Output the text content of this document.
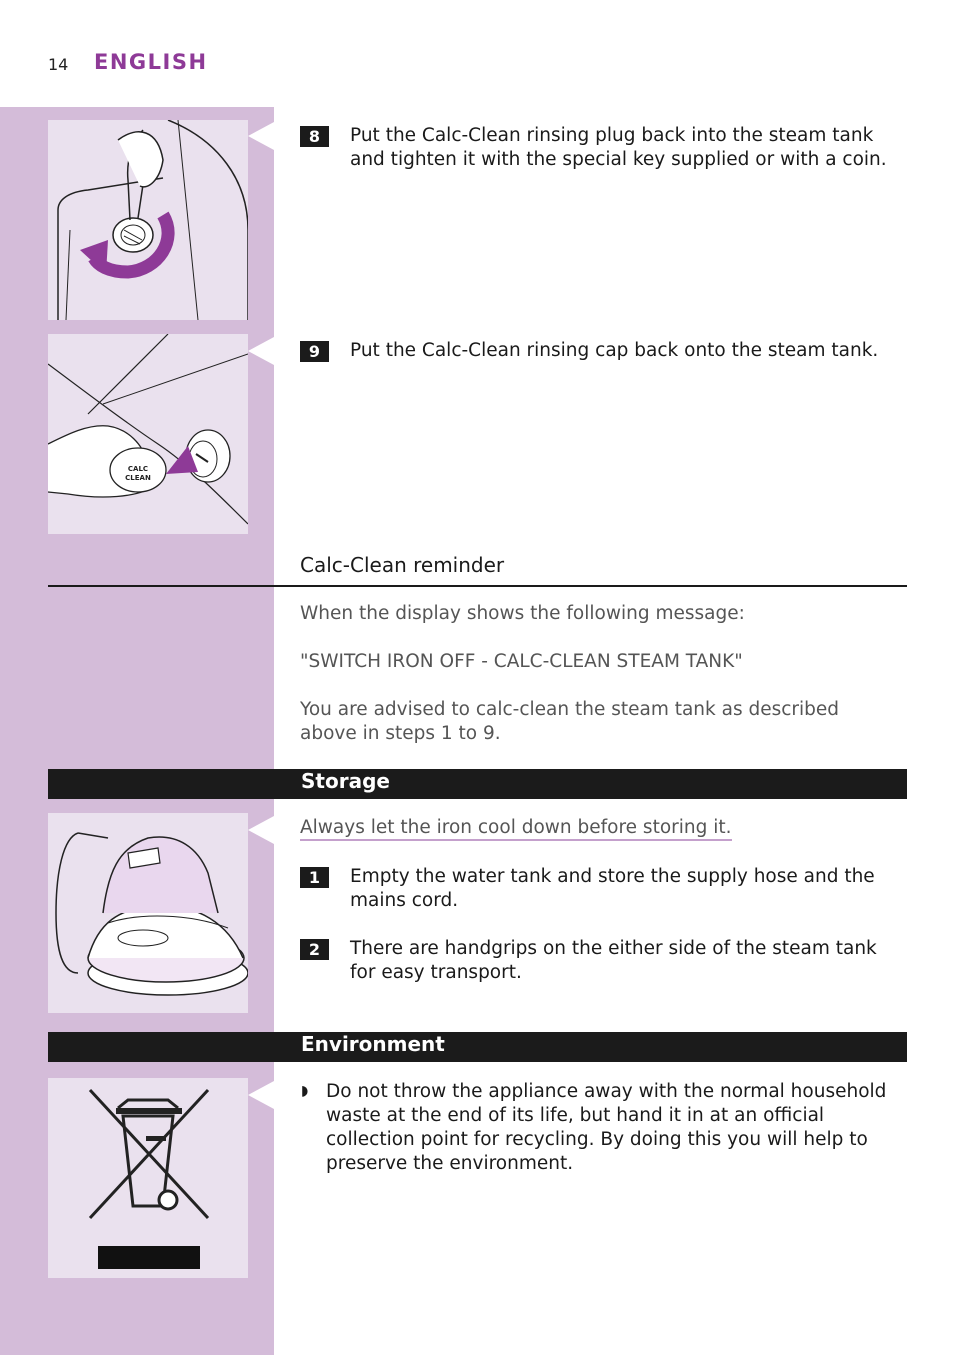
14 ENGLISH
CALC
CLEAN
8	Put the Calc-Clean rinsing plug back into the steam tank and tighten it with the special key supplied or with a coin.
9	Put the Calc-Clean rinsing cap back onto the steam tank.
Calc-Clean reminder
When the display shows the following message:
"SWITCH IRON OFF - CALC-CLEAN STEAM TANK"
You are advised to calc-clean the steam tank as described above in steps 1 to 9.
Storage
Always let the iron cool down before storing it.
1	Empty the water tank and store the supply hose and the mains cord.
2	There are handgrips on the either side of the steam tank for easy transport.
Environment
◗ Do not throw the appliance away with the normal household waste at the end of its life, but hand it in at an official collection point for recycling. By doing this you will help to preserve the environment.
